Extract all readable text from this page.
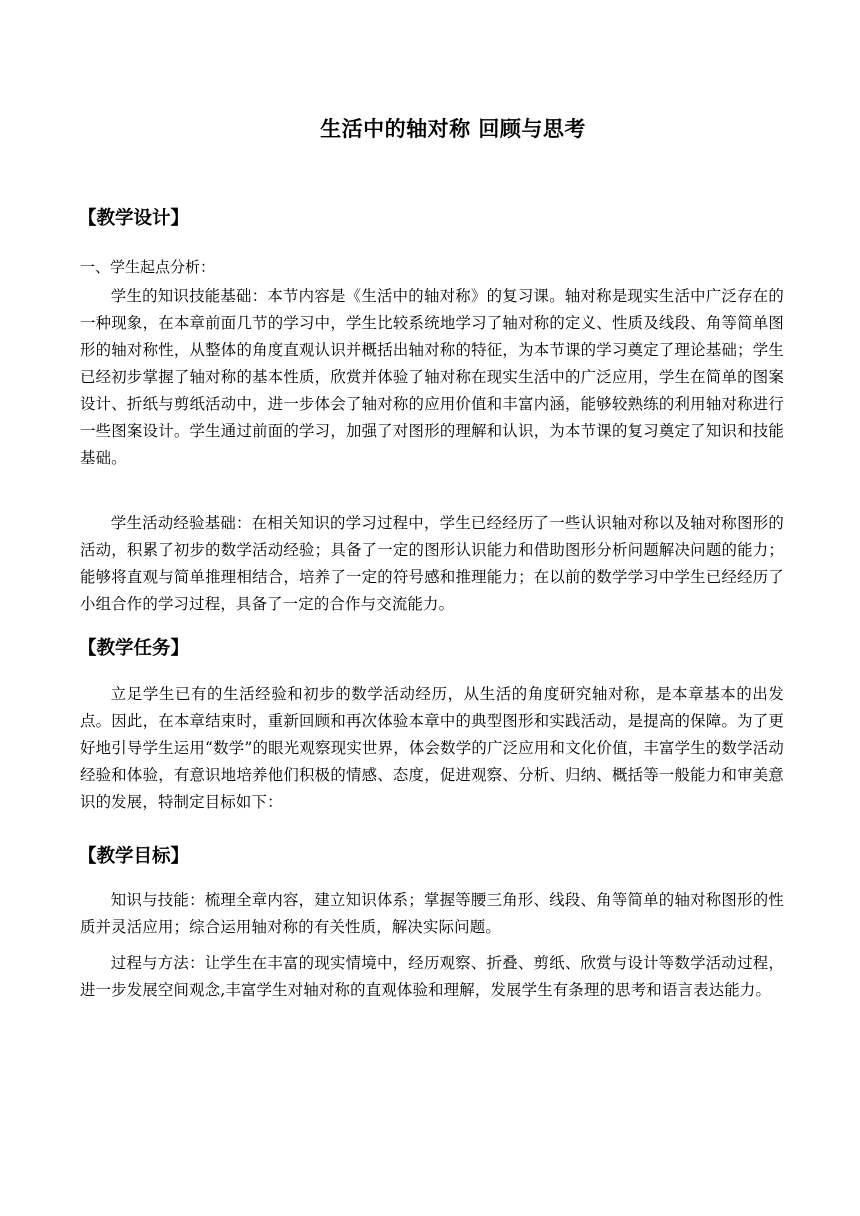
生活中的轴对称 回顾与思考
【教学设计】

一、学生起点分析：

学生的知识技能基础：本节内容是《生活中的轴对称》的复习课。轴对称是现实生活中广泛存在的一种现象，在本章前面几节的学习中，学生比较系统地学习了轴对称的定义、性质及线段、角等简单图形的轴对称性，从整体的角度直观认识并概括出轴对称的特征，为本节课的学习奠定了理论基础；学生已经初步掌握了轴对称的基本性质，欣赏并体验了轴对称在现实生活中的广泛应用，学生在简单的图案设计、折纸与剪纸活动中，进一步体会了轴对称的应用价值和丰富内涵，能够较熟练的利用轴对称进行一些图案设计。学生通过前面的学习，加强了对图形的理解和认识，为本节课的复习奠定了知识和技能基础。

学生活动经验基础：在相关知识的学习过程中，学生已经经历了一些认识轴对称以及轴对称图形的活动，积累了初步的数学活动经验；具备了一定的图形认识能力和借助图形分析问题解决问题的能力；能够将直观与简单推理相结合，培养了一定的符号感和推理能力；在以前的数学学习中学生已经经历了小组合作的学习过程，具备了一定的合作与交流能力。

【教学任务】

立足学生已有的生活经验和初步的数学活动经历，从生活的角度研究轴对称，是本章基本的出发点。因此，在本章结束时，重新回顾和再次体验本章中的典型图形和实践活动，是提高的保障。为了更好地引导学生运用“数学”的眼光观察现实世界，体会数学的广泛应用和文化价值，丰富学生的数学活动经验和体验，有意识地培养他们积极的情感、态度，促进观察、分析、归纳、概括等一般能力和审美意识的发展，特制定目标如下：

【教学目标】

知识与技能：梳理全章内容，建立知识体系；掌握等腰三角形、线段、角等简单的轴对称图形的性质并灵活应用；综合运用轴对称的有关性质，解决实际问题。

过程与方法：让学生在丰富的现实情境中，经历观察、折叠、剪纸、欣赏与设计等数学活动过程，进一步发展空间观念,丰富学生对轴对称的直观体验和理解，发展学生有条理的思考和语言表达能力。
